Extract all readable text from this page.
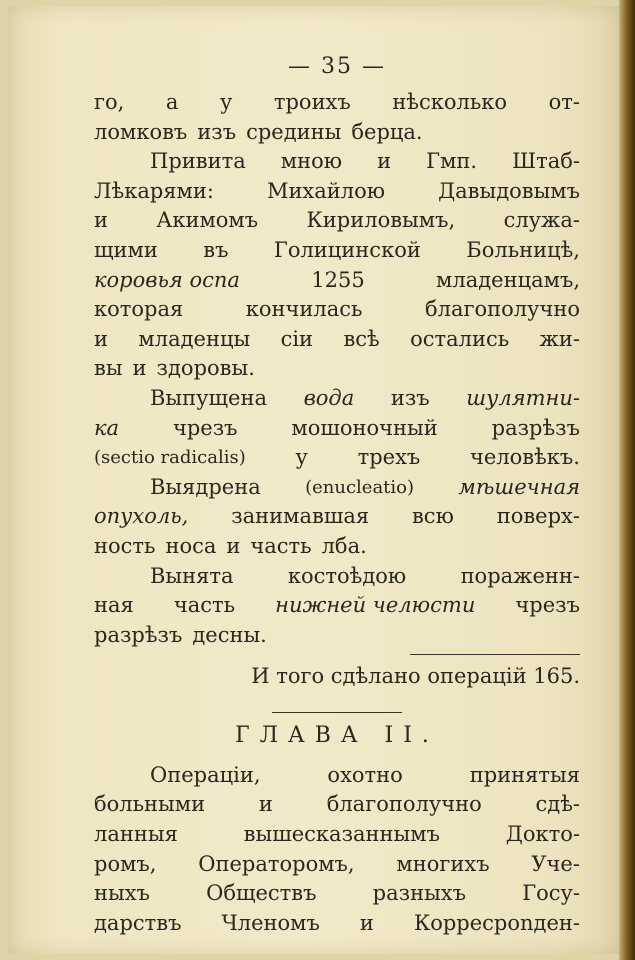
— 35 —
го, а у троихъ нѣсколько от-
ломковъ изъ средины берца.
Привита мною и Гмп. Штаб-
Лѣкарями:	Михайлою	Давыдовымъ
и Акимомъ Кириловымъ, служа-
щими въ Голицинской Больницѣ,
коровья оспа	1255	младенцамъ,
которая	кончилась	благополучно
и младенцы сіи всѣ остались жи-
вы и здоровы.
Выпущена вода изъ шулятни-
ка	чрезъ	мошоночный	разрѣзъ
(sectio radicalis) у трехъ человѣкъ.
Выядрена (enucleatio) мѣшечная
опухоль, занимавшая всю поверх-
ность носа и часть лба.
Вынята	костоѣдою	пораженн-
ная часть нижней челюсти чрезъ
разрѣзъ десны.
И того сдѣлано операцій 165.
ГЛАВА II.
Операціи,	охотно	принятыя
больными	и	благополучно	сдѣ-
ланныя	вышесказаннымъ	Докто-
ромъ, Операторомъ, многихъ Уче-
ныхъ	Обществъ	разныхъ	Госу-
дарствъ Членомъ и Корресponден-
